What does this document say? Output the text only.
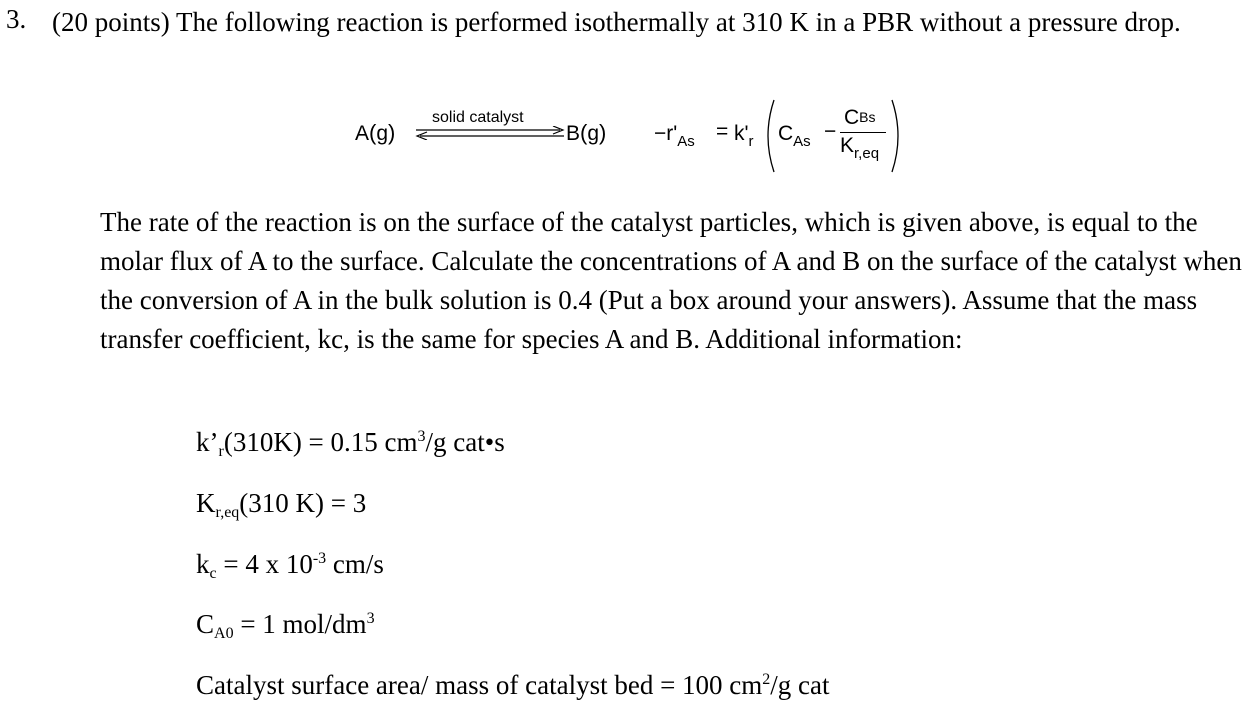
3. (20 points) The following reaction is performed isothermally at 310 K in a PBR without a pressure drop.
A(g)
solid catalyst
$B(g) -r'_{As} = k'_r$ $C_{As}$ −
CBs
$K_{r,eq}$
The rate of the reaction is on the surface of the catalyst particles, which is given above, is equal to the molar flux of A to the surface. Calculate the concentrations of A and B on the surface of the catalyst when the conversion of A in the bulk solution is 0.4 (Put a box around your answers). Assume that the mass transfer coefficient, kc, is the same for species A and B. Additional information:
$k’_r(310K) = 0.15$ $cm^3/g$ cat•s
$K_{r,eq}(310$ K) = 3
$k_c = 4$ x $10^{-3}$ cm/s
$C_{A0} = 1$ mol/$dm^3$
Catalyst surface area/ mass of catalyst bed = 100 $cm^2/g$ cat
